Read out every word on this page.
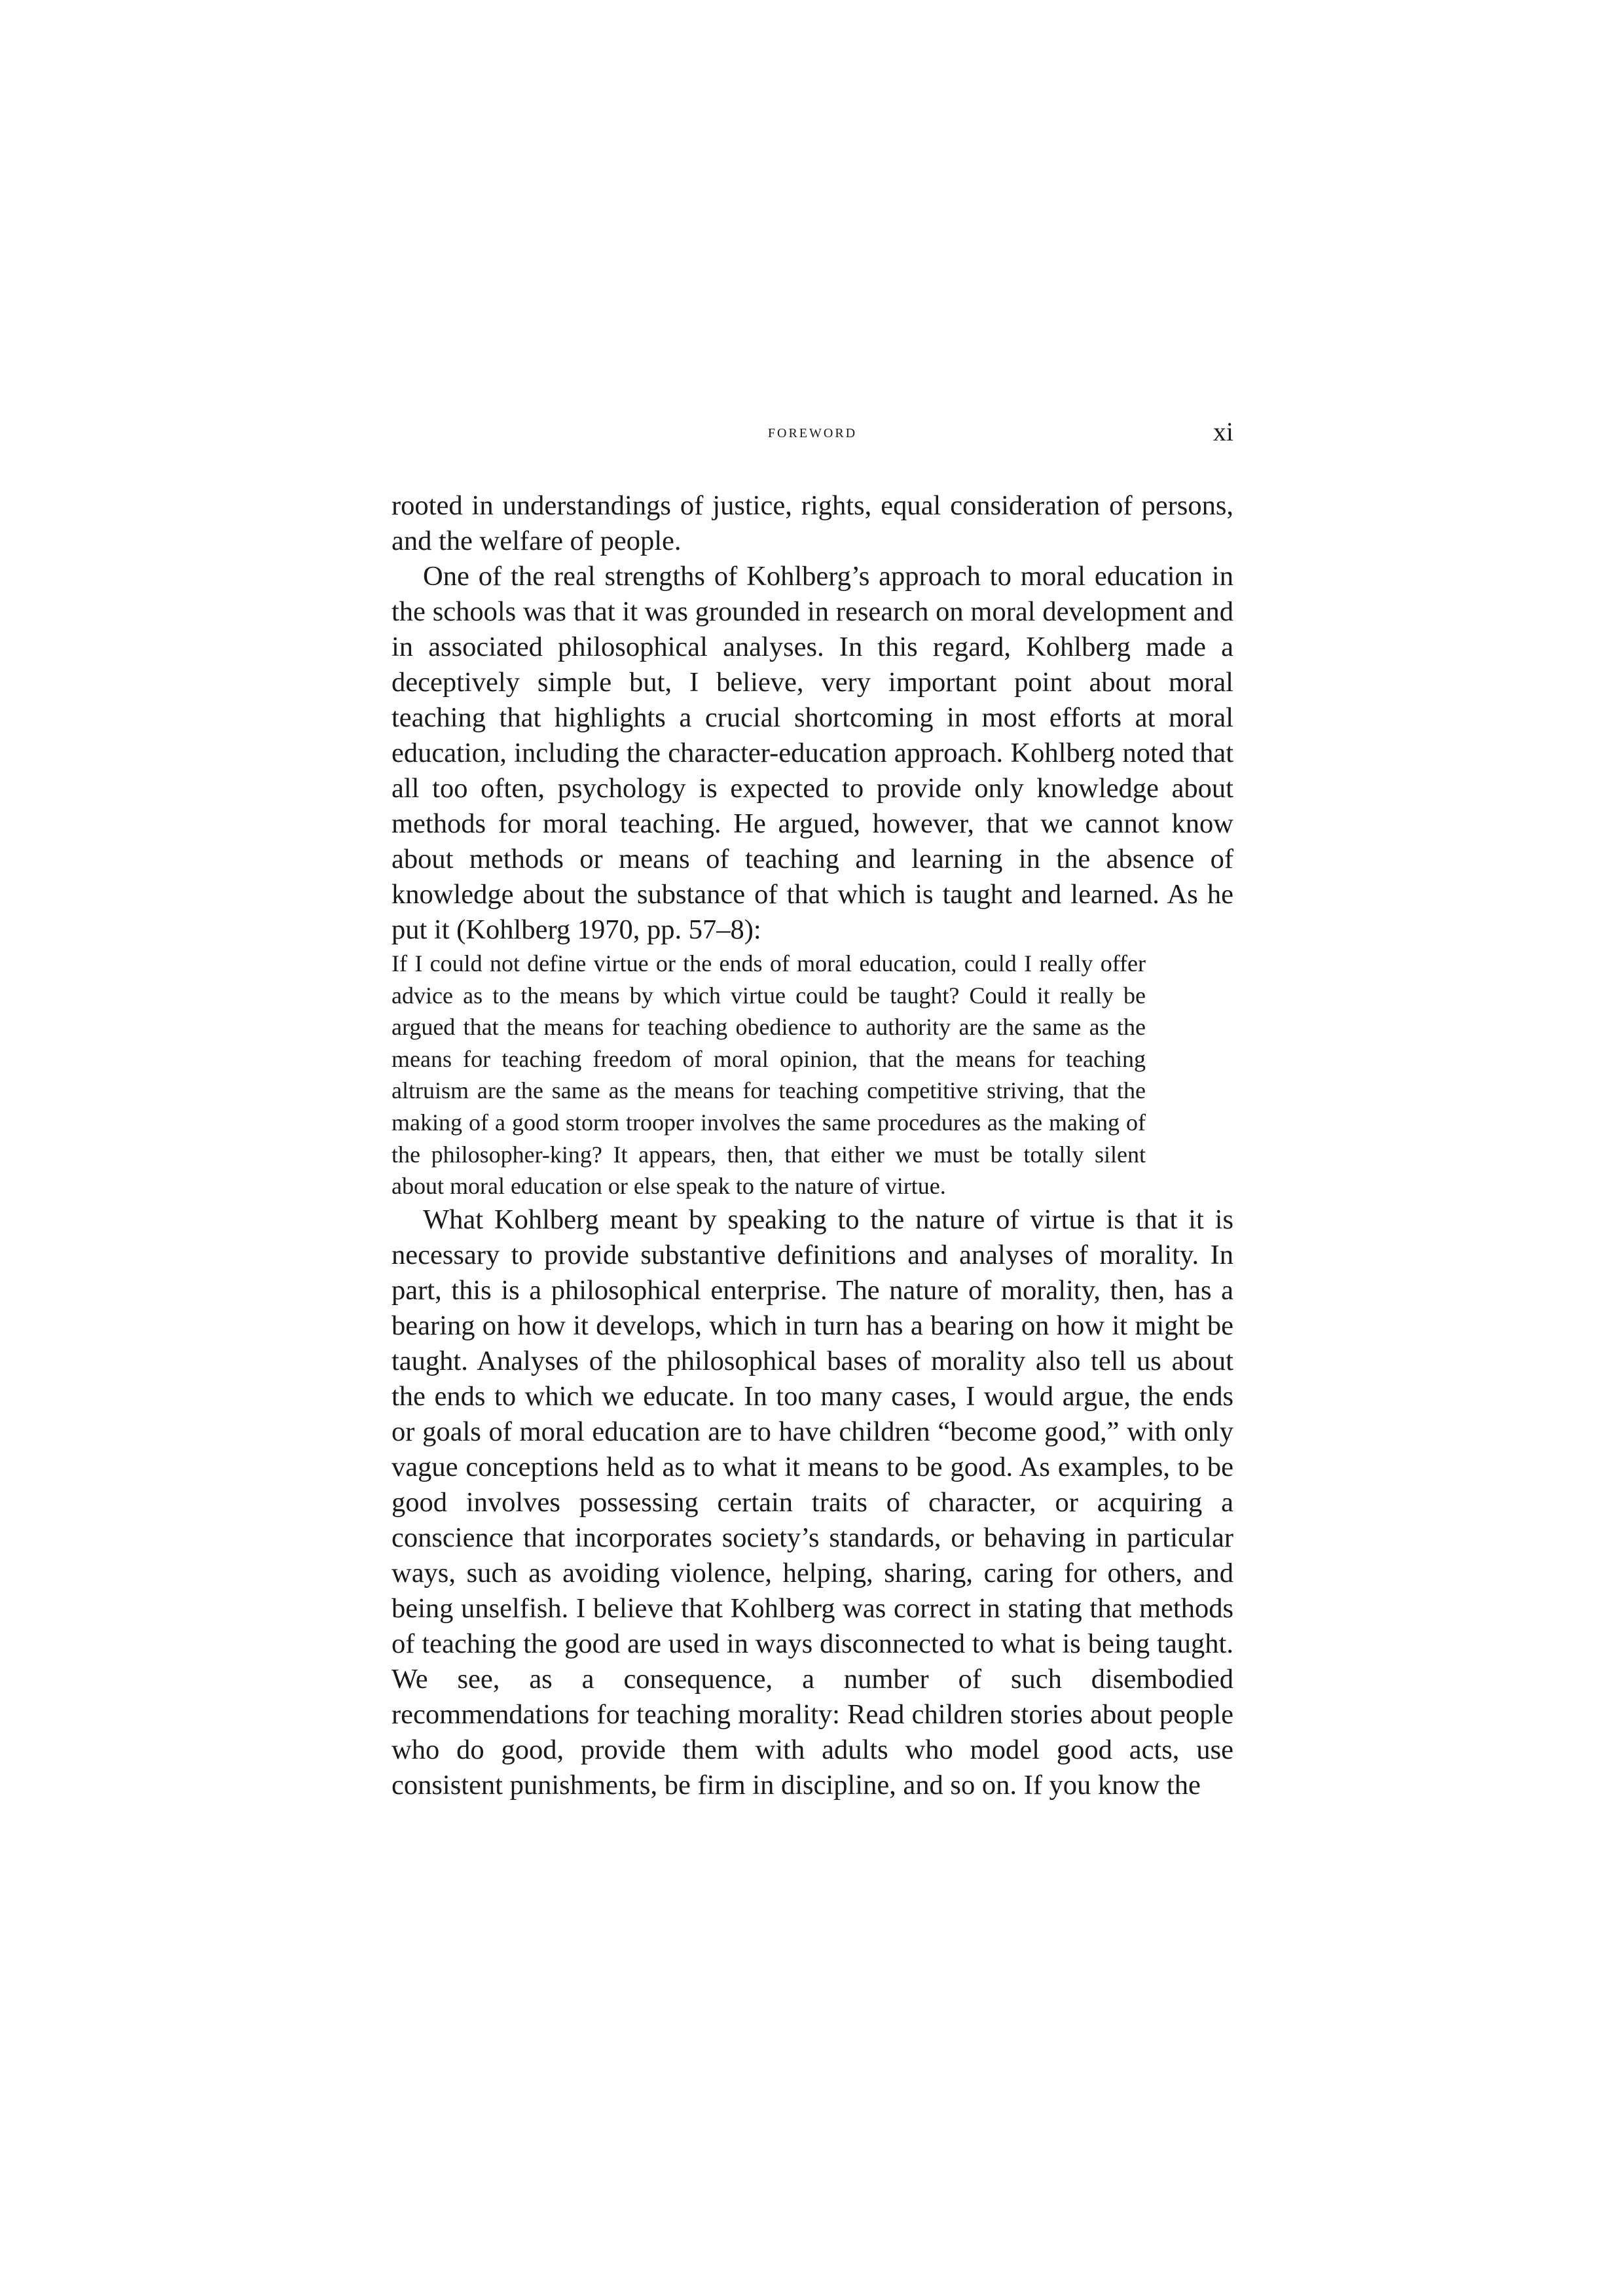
foreword	xi

rooted in understandings of justice, rights, equal consideration of persons, and the welfare of people.

One of the real strengths of Kohlberg’s approach to moral education in the schools was that it was grounded in research on moral development and in associated philosophical analyses. In this regard, Kohlberg made a deceptively simple but, I believe, very important point about moral teaching that highlights a crucial shortcoming in most efforts at moral education, including the character-education approach. Kohlberg noted that all too often, psychology is expected to provide only knowledge about methods for moral teaching. He argued, however, that we cannot know about methods or means of teaching and learning in the absence of knowledge about the substance of that which is taught and learned. As he put it (Kohlberg 1970, pp. 57–8):

If I could not define virtue or the ends of moral education, could I really offer advice as to the means by which virtue could be taught? Could it really be argued that the means for teaching obedience to authority are the same as the means for teaching freedom of moral opinion, that the means for teaching altruism are the same as the means for teaching competitive striving, that the making of a good storm trooper involves the same procedures as the making of the philosopher-king? It appears, then, that either we must be totally silent about moral education or else speak to the nature of virtue.

What Kohlberg meant by speaking to the nature of virtue is that it is necessary to provide substantive definitions and analyses of morality. In part, this is a philosophical enterprise. The nature of morality, then, has a bearing on how it develops, which in turn has a bearing on how it might be taught. Analyses of the philosophical bases of morality also tell us about the ends to which we educate. In too many cases, I would argue, the ends or goals of moral education are to have children “become good,” with only vague conceptions held as to what it means to be good. As examples, to be good involves possessing certain traits of character, or acquiring a conscience that incorporates society’s standards, or behaving in particular ways, such as avoiding violence, helping, sharing, caring for others, and being unselfish. I believe that Kohlberg was correct in stating that methods of teaching the good are used in ways disconnected to what is being taught. We see, as a consequence, a number of such disembodied recommendations for teaching morality: Read children stories about people who do good, provide them with adults who model good acts, use consistent punishments, be firm in discipline, and so on. If you know the
